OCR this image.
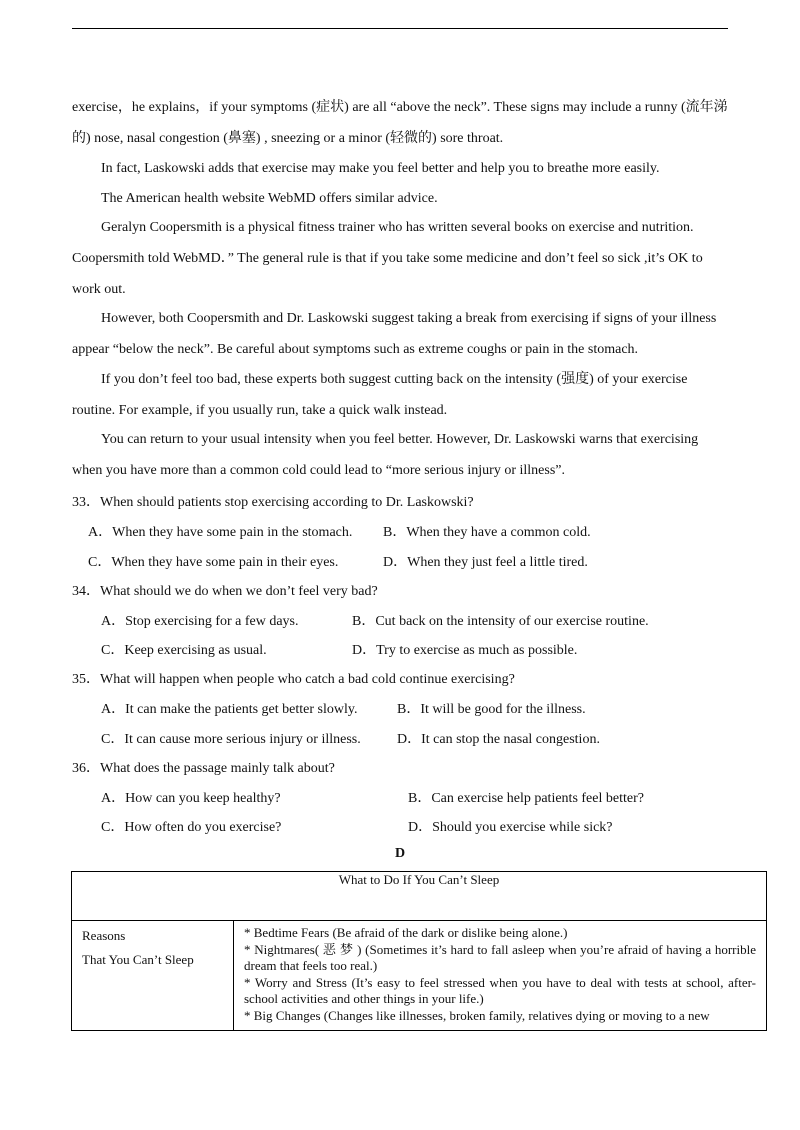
exercise，he explains，if your symptoms (症状) are all “above the neck”. These signs may include a runny (流年涕的) nose, nasal congestion (鼻塞) , sneezing or a minor (轻微的) sore throat.

In fact, Laskowski adds that exercise may make you feel better and help you to breathe more easily.

The American health website WebMD offers similar advice.

Geralyn Coopersmith is a physical fitness trainer who has written several books on exercise and nutrition. Coopersmith told WebMD．” The general rule is that if you take some medicine and don’t feel so sick ,it’s OK to work out.

However, both Coopersmith and Dr. Laskowski suggest taking a break from exercising if signs of your illness appear “below the neck”. Be careful about symptoms such as extreme coughs or pain in the stomach.

If you don’t feel too bad, these experts both suggest cutting back on the intensity (强度) of your exercise routine. For example, if you usually run, take a quick walk instead.

You can return to your usual intensity when you feel better. However, Dr. Laskowski warns that exercising when you have more than a common cold could lead to “more serious injury or illness”.

33．When should patients stop exercising according to Dr. Laskowski?
A．When they have some pain in the stomach. B．When they have a common cold.
C．When they have some pain in their eyes.	D．When they just feel a little tired.
34．What should we do when we don’t feel very bad?
A．Stop exercising for a few days.	B．Cut back on the intensity of our exercise routine.
C．Keep exercising as usual.	D．Try to exercise as much as possible.
35．What will happen when people who catch a bad cold continue exercising?
A．It can make the patients get better slowly.	B．It will be good for the illness.
C．It can cause more serious injury or illness.	D．It can stop the nasal congestion.
36．What does the passage mainly talk about?
A．How can you keep healthy?	B．Can exercise help patients feel better?
C．How often do you exercise?	D．Should you exercise while sick?
D
What to Do If You Can’t Sleep

Reasons
That You Can’t Sleep

* Bedtime Fears (Be afraid of the dark or dislike being alone.)
* Nightmares( 恶 梦 ) (Sometimes it’s hard to fall asleep when you’re afraid of having a horrible dream that feels too real.)
* Worry and Stress (It’s easy to feel stressed when you have to deal with tests at school, after-school activities and other things in your life.)
* Big Changes (Changes like illnesses, broken family, relatives dying or moving to a new
